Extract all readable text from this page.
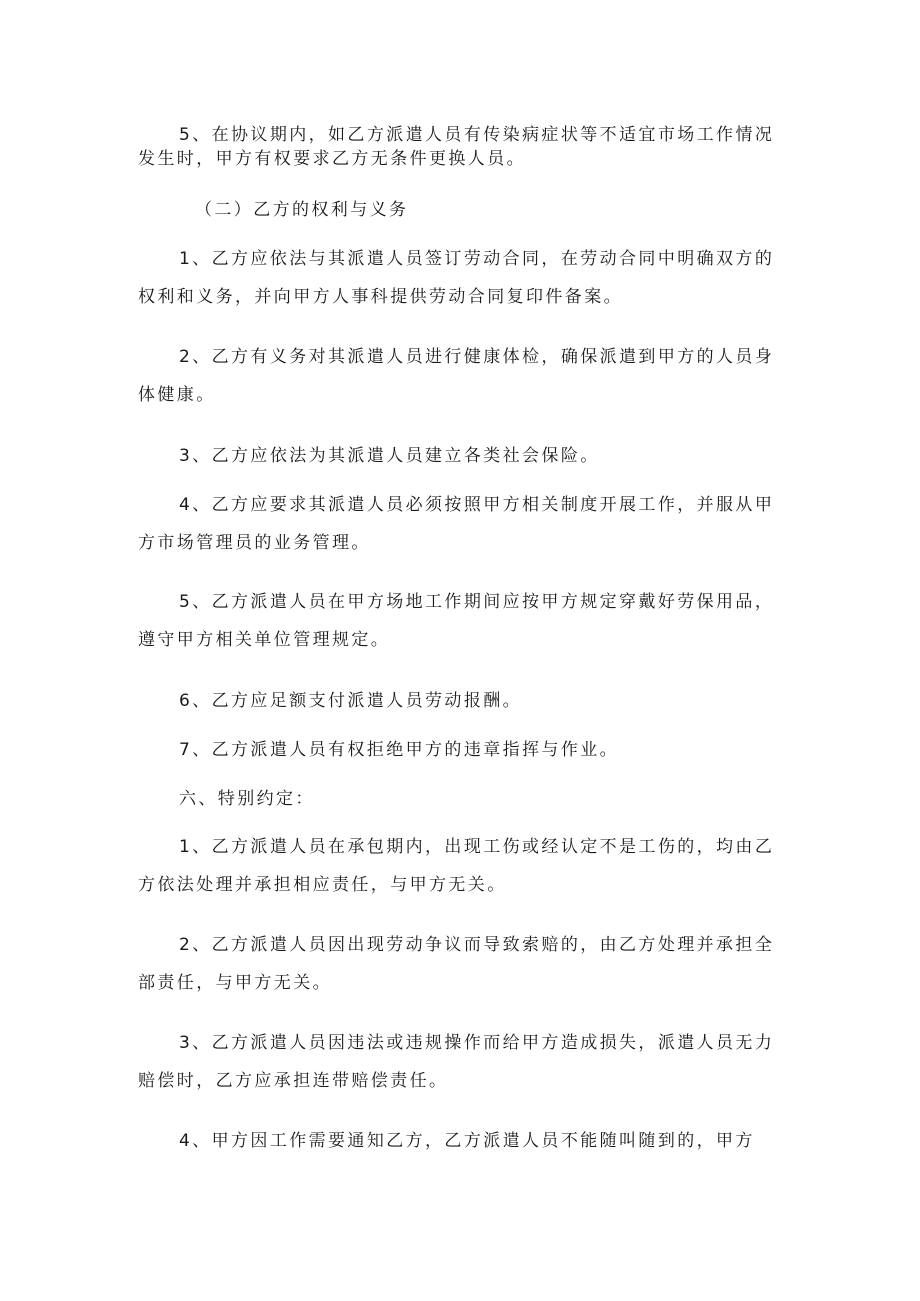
5、在协议期内，如乙方派遣人员有传染病症状等不适宜市场工作情况发生时，甲方有权要求乙方无条件更换人员。

（二）乙方的权利与义务

1、乙方应依法与其派遣人员签订劳动合同，在劳动合同中明确双方的权利和义务，并向甲方人事科提供劳动合同复印件备案。

2、乙方有义务对其派遣人员进行健康体检，确保派遣到甲方的人员身体健康。

3、乙方应依法为其派遣人员建立各类社会保险。

4、乙方应要求其派遣人员必须按照甲方相关制度开展工作，并服从甲方市场管理员的业务管理。

5、乙方派遣人员在甲方场地工作期间应按甲方规定穿戴好劳保用品，遵守甲方相关单位管理规定。

6、乙方应足额支付派遣人员劳动报酬。

7、乙方派遣人员有权拒绝甲方的违章指挥与作业。

六、特别约定：

1、乙方派遣人员在承包期内，出现工伤或经认定不是工伤的，均由乙方依法处理并承担相应责任，与甲方无关。

2、乙方派遣人员因出现劳动争议而导致索赔的，由乙方处理并承担全部责任，与甲方无关。

3、乙方派遣人员因违法或违规操作而给甲方造成损失，派遣人员无力赔偿时，乙方应承担连带赔偿责任。

4、甲方因工作需要通知乙方，乙方派遣人员不能随叫随到的，甲方
